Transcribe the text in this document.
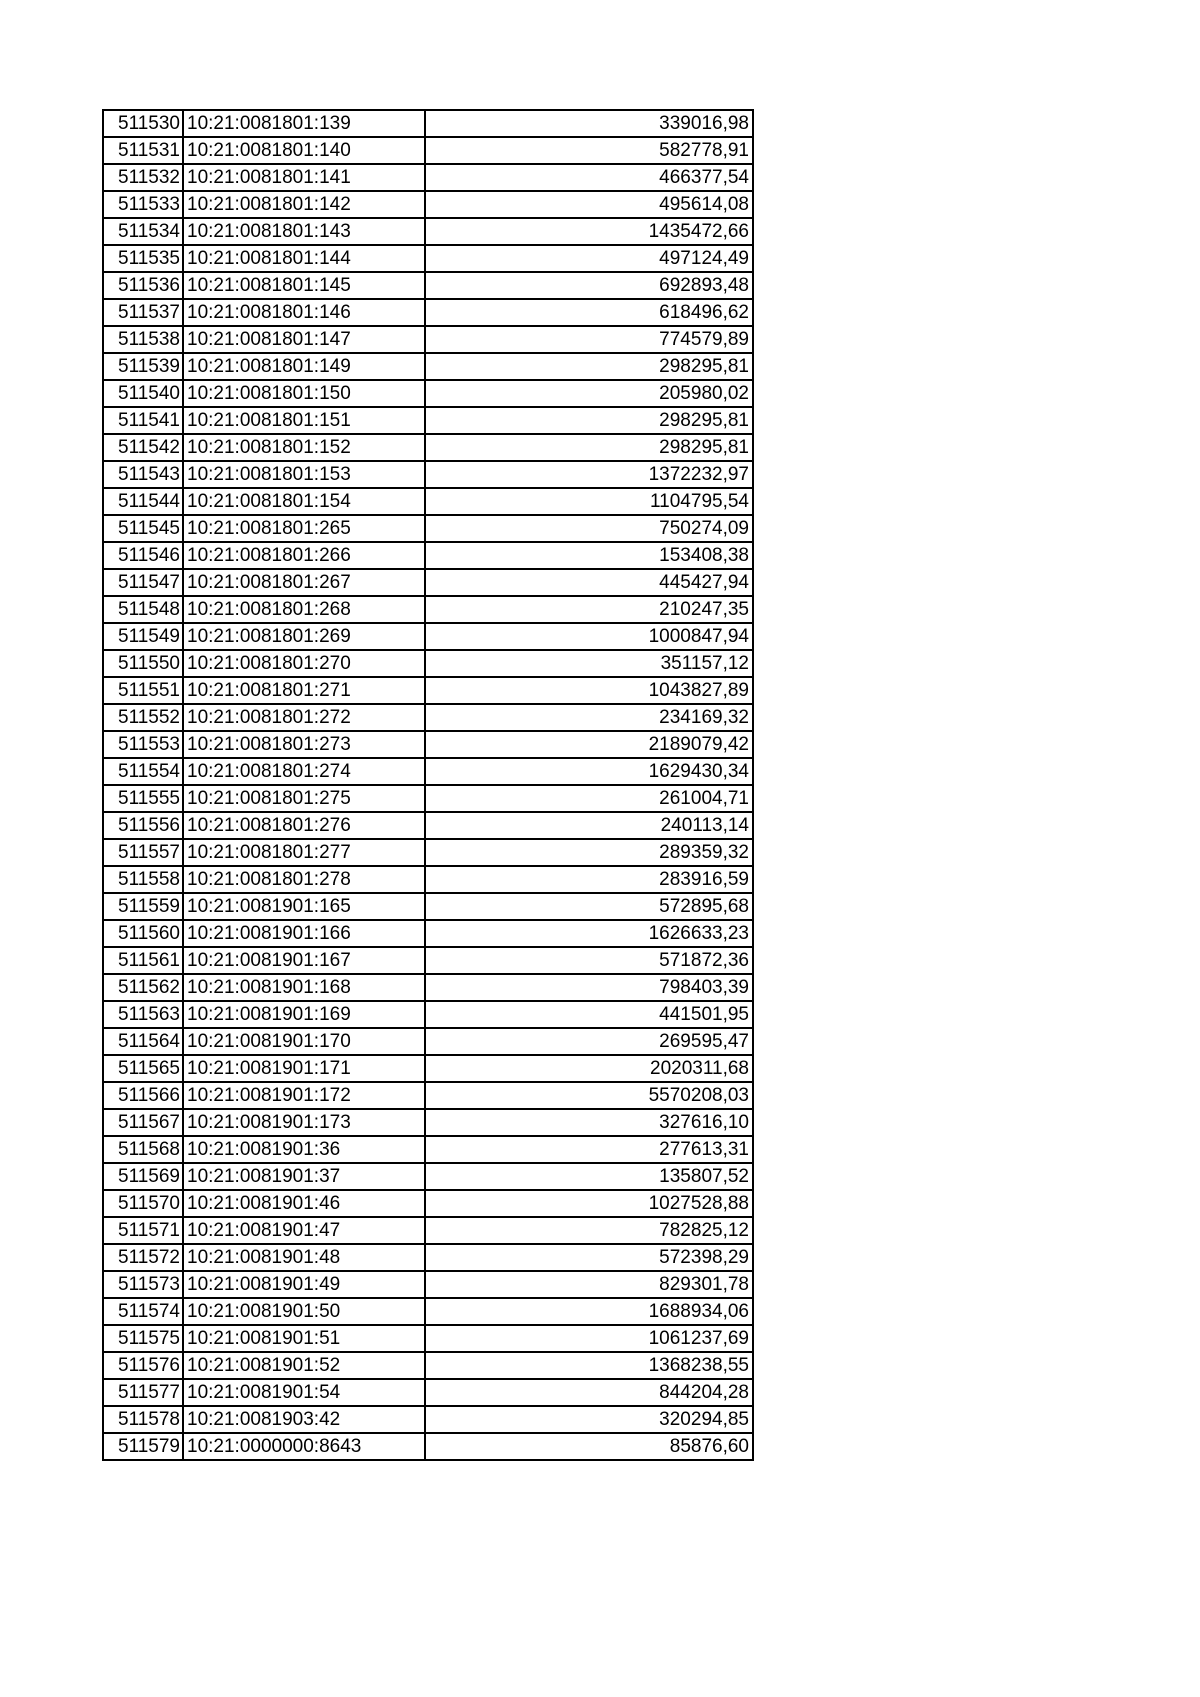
511530	10:21:0081801:139	339016,98
511531	10:21:0081801:140	582778,91
511532	10:21:0081801:141	466377,54
511533	10:21:0081801:142	495614,08
511534	10:21:0081801:143	1435472,66
511535	10:21:0081801:144	497124,49
511536	10:21:0081801:145	692893,48
511537	10:21:0081801:146	618496,62
511538	10:21:0081801:147	774579,89
511539	10:21:0081801:149	298295,81
511540	10:21:0081801:150	205980,02
511541	10:21:0081801:151	298295,81
511542	10:21:0081801:152	298295,81
511543	10:21:0081801:153	1372232,97
511544	10:21:0081801:154	1104795,54
511545	10:21:0081801:265	750274,09
511546	10:21:0081801:266	153408,38
511547	10:21:0081801:267	445427,94
511548	10:21:0081801:268	210247,35
511549	10:21:0081801:269	1000847,94
511550	10:21:0081801:270	351157,12
511551	10:21:0081801:271	1043827,89
511552	10:21:0081801:272	234169,32
511553	10:21:0081801:273	2189079,42
511554	10:21:0081801:274	1629430,34
511555	10:21:0081801:275	261004,71
511556	10:21:0081801:276	240113,14
511557	10:21:0081801:277	289359,32
511558	10:21:0081801:278	283916,59
511559	10:21:0081901:165	572895,68
511560	10:21:0081901:166	1626633,23
511561	10:21:0081901:167	571872,36
511562	10:21:0081901:168	798403,39
511563	10:21:0081901:169	441501,95
511564	10:21:0081901:170	269595,47
511565	10:21:0081901:171	2020311,68
511566	10:21:0081901:172	5570208,03
511567	10:21:0081901:173	327616,10
511568	10:21:0081901:36	277613,31
511569	10:21:0081901:37	135807,52
511570	10:21:0081901:46	1027528,88
511571	10:21:0081901:47	782825,12
511572	10:21:0081901:48	572398,29
511573	10:21:0081901:49	829301,78
511574	10:21:0081901:50	1688934,06
511575	10:21:0081901:51	1061237,69
511576	10:21:0081901:52	1368238,55
511577	10:21:0081901:54	844204,28
511578	10:21:0081903:42	320294,85
511579	10:21:0000000:8643	85876,60
